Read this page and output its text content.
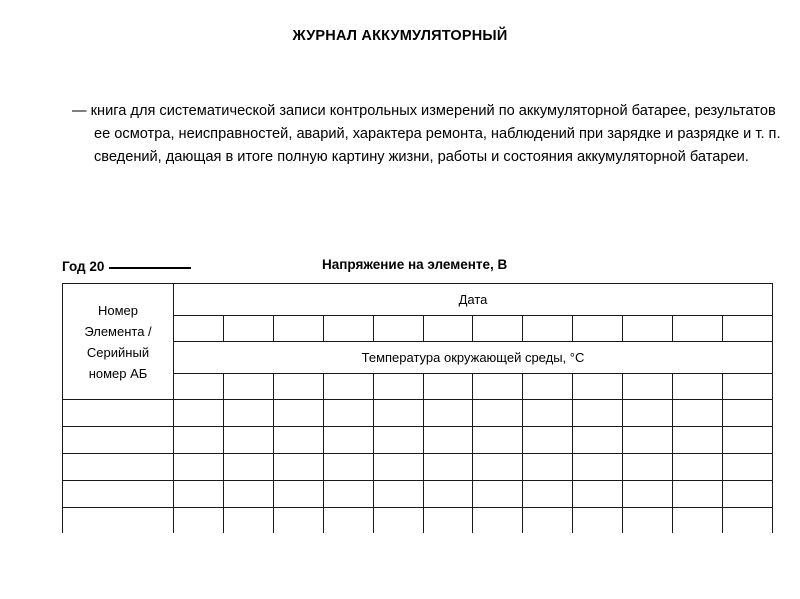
ЖУРНАЛ АККУМУЛЯТОРНЫЙ
— книга для систематической записи контрольных измерений по аккумуляторной батарее, результатов ее осмотра, неисправностей, аварий, характера ремонта, наблюдений при зарядке и разрядке и т. п. сведений, дающая в итоге полную картину жизни, работы и состояния аккумуляторной батареи.
Год 20	Напряжение на элементе, В
Номер
Элемента /
Серийный
номер АБ	Дата											

	Температура окружающей среды, °C											
